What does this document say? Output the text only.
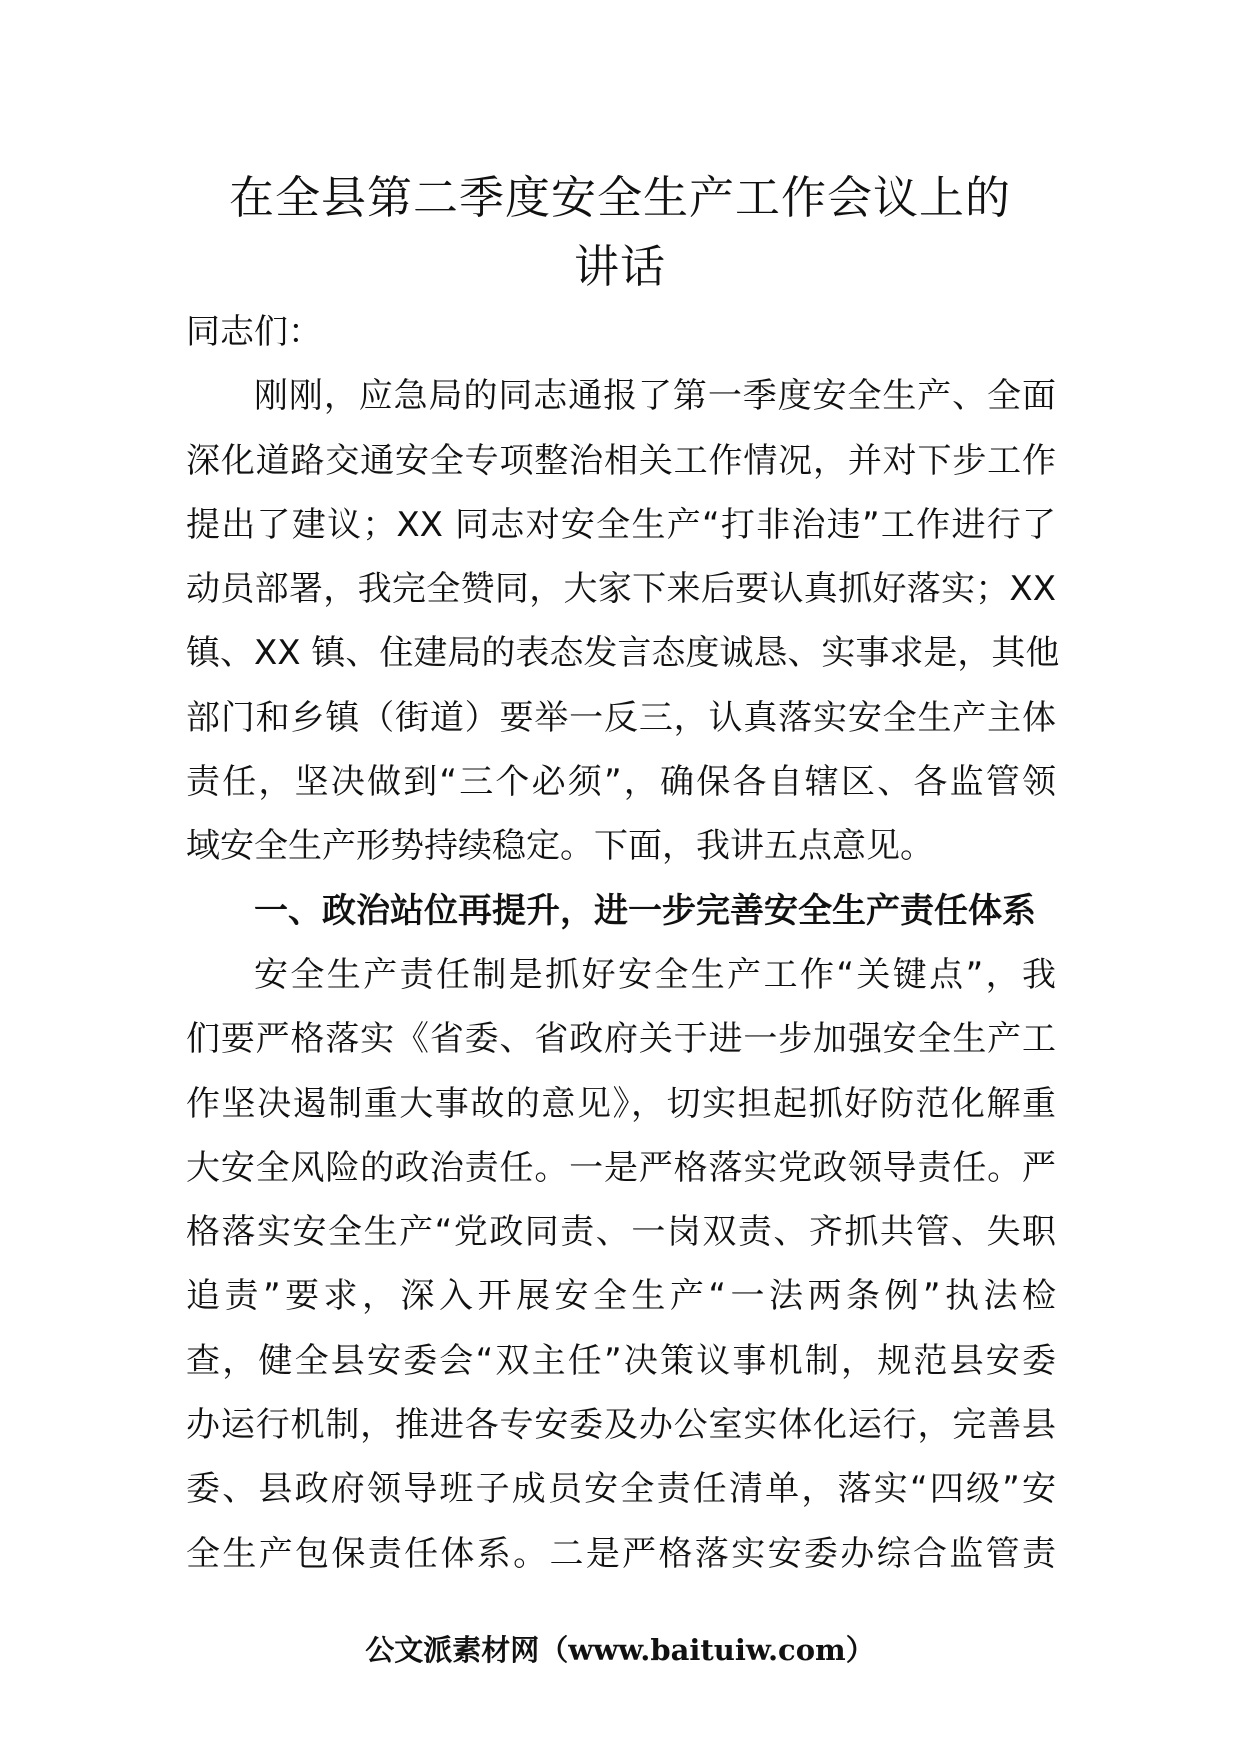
在全县第二季度安全生产工作会议上的
讲话
同志们：
刚刚，应急局的同志通报了第一季度安全生产、全面
深化道路交通安全专项整治相关工作情况，并对下步工作
提出了建议；XX 同志对安全生产“打非治违”工作进行了
动员部署，我完全赞同，大家下来后要认真抓好落实；XX
镇、XX 镇、住建局的表态发言态度诚恳、实事求是，其他
部门和乡镇（街道）要举一反三，认真落实安全生产主体
责任，坚决做到“三个必须”，确保各自辖区、各监管领
域安全生产形势持续稳定。下面，我讲五点意见。
一、政治站位再提升，进一步完善安全生产责任体系
安全生产责任制是抓好安全生产工作“关键点”，我
们要严格落实《省委、省政府关于进一步加强安全生产工
作坚决遏制重大事故的意见》，切实担起抓好防范化解重
大安全风险的政治责任。一是严格落实党政领导责任。严
格落实安全生产“党政同责、一岗双责、齐抓共管、失职
追责”要求，深入开展安全生产“一法两条例”执法检
查，健全县安委会“双主任”决策议事机制，规范县安委
办运行机制，推进各专安委及办公室实体化运行，完善县
委、县政府领导班子成员安全责任清单，落实“四级”安
全生产包保责任体系。二是严格落实安委办综合监管责
公文派素材网（www.baituiw.com）
